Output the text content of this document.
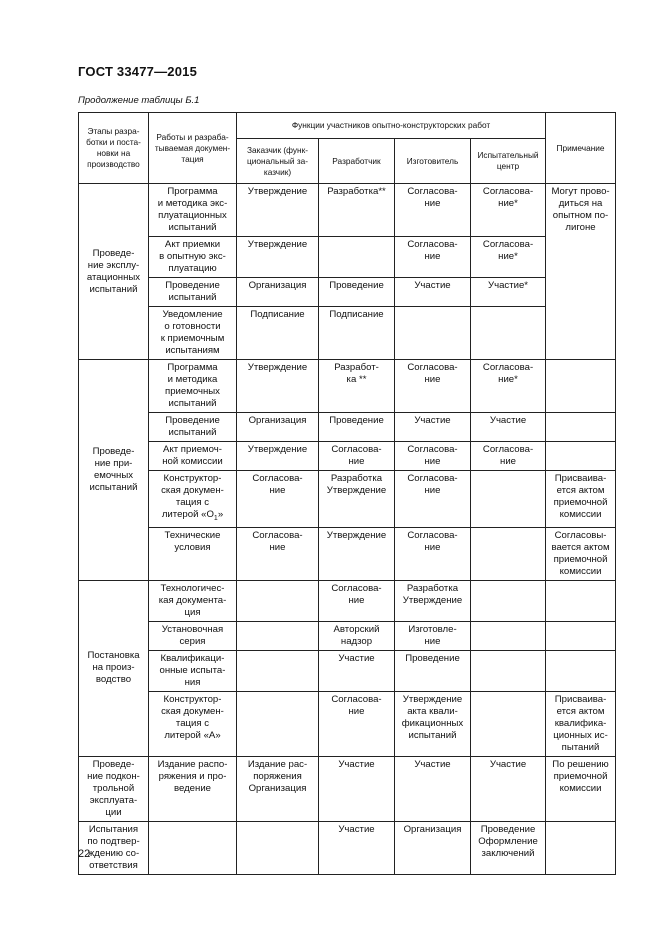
ГОСТ 33477—2015
Продолжение таблицы Б.1
Этапы разра-
ботки и поста-
новки на
производство	Работы и разраба-
тываемая докумен-
тация	Функции участников опытно-конструкторских работ				Примечание
		Заказчик (функ-
циональный за-
казчик)	Разработчик	Изготовитель	Испытательный
центр	

Проведе-
ние эксплу-
атационных
испытаний	Программа
и методика экс-
плуатационных
испытаний	Утверждение	Разработка**	Согласова-
ние	Согласова-
ние*	Могут прово-
диться на
опытном по-
лигоне
	Акт приемки
в опытную экс-
плуатацию	Утверждение		Согласова-
ние	Согласова-
ние*	
	Проведение
испытаний	Организация	Проведение	Участие	Участие*	
	Уведомление
о готовности
к приемочным
испытаниям	Подписание	Подписание			

Проведе-
ние при-
емочных
испытаний	Программа
и методика
приемочных
испытаний	Утверждение	Разработ-
ка **	Согласова-
ние	Согласова-
ние*	
	Проведение
испытаний	Организация	Проведение	Участие	Участие	
	Акт приемоч-
ной комиссии	Утверждение	Согласова-
ние	Согласова-
ние	Согласова-
ние	
	Конструктор-
ская докумен-
тация с
литерой «$О_1$»	Согласова-
ние	Разработка
Утверждение	Согласова-
ние		Присваива-
ется актом
приемочной
комиссии
	Технические
условия	Согласова-
ние	Утверждение	Согласова-
ние		Согласовы-
вается актом
приемочной
комиссии

Постановка
на произ-
водство	Технологичес-
кая документа-
ция		Согласова-
ние	Разработка
Утверждение		
	Установочная
серия		Авторский
надзор	Изготовле-
ние		
	Квалификаци-
онные испыта-
ния		Участие	Проведение		
	Конструктор-
ская докумен-
тация с
литерой «А»		Согласова-
ние	Утверждение
акта квали-
фикационных
испытаний		Присваива-
ется актом
квалифика-
ционных ис-
пытаний

Проведе-
ние подкон-
трольной
эксплуата-
ции	Издание распо-
ряжения и про-
ведение	Издание рас-
поряжения
Организация	Участие	Участие	Участие	По решению
приемочной
комиссии

Испытания
по подтвер-
ждению со-
ответствия			Участие	Организация	Проведение
Оформление
заключений	
22
